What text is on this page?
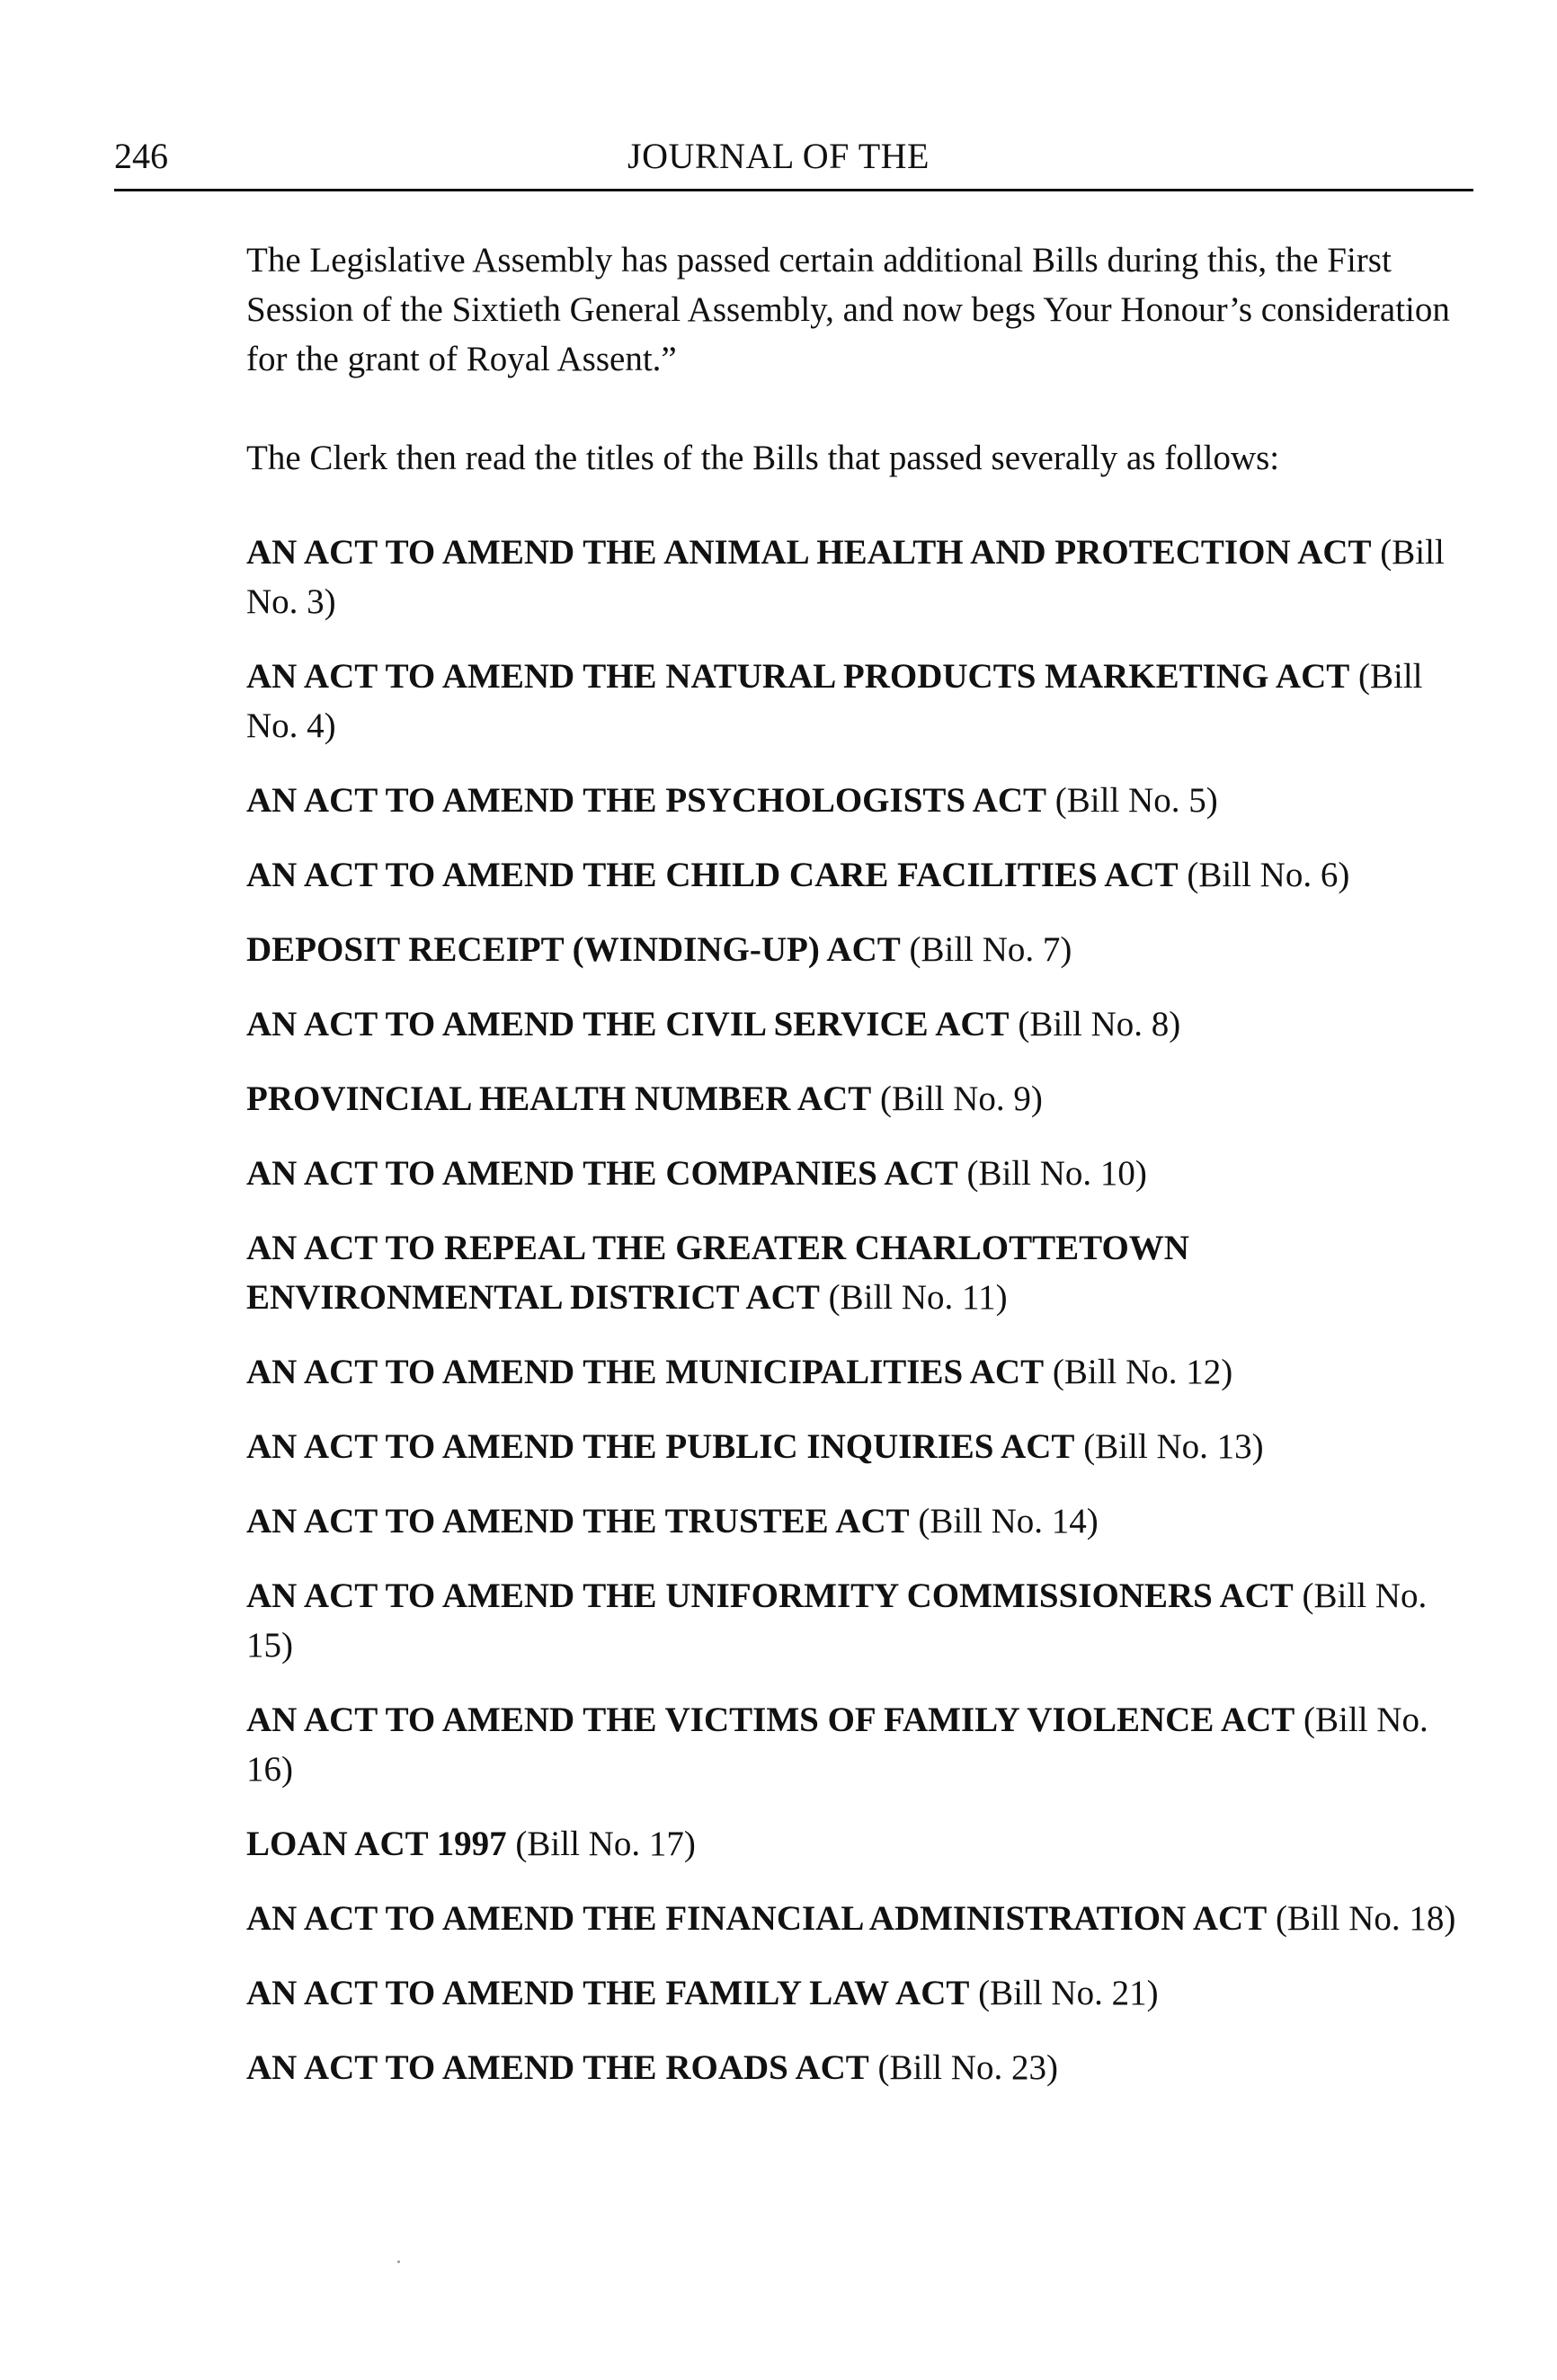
246	JOURNAL OF THE

The Legislative Assembly has passed certain additional Bills during this, the First Session of the Sixtieth General Assembly, and now begs Your Honour’s consideration for the grant of Royal Assent.”

The Clerk then read the titles of the Bills that passed severally as follows:

AN ACT TO AMEND THE ANIMAL HEALTH AND PROTECTION ACT (Bill No. 3)
AN ACT TO AMEND THE NATURAL PRODUCTS MARKETING ACT (Bill No. 4)
AN ACT TO AMEND THE PSYCHOLOGISTS ACT (Bill No. 5)
AN ACT TO AMEND THE CHILD CARE FACILITIES ACT (Bill No. 6)
DEPOSIT RECEIPT (WINDING-UP) ACT (Bill No. 7)
AN ACT TO AMEND THE CIVIL SERVICE ACT (Bill No. 8)
PROVINCIAL HEALTH NUMBER ACT (Bill No. 9)
AN ACT TO AMEND THE COMPANIES ACT (Bill No. 10)
AN ACT TO REPEAL THE GREATER CHARLOTTETOWN ENVIRONMENTAL DISTRICT ACT (Bill No. 11)
AN ACT TO AMEND THE MUNICIPALITIES ACT (Bill No. 12)
AN ACT TO AMEND THE PUBLIC INQUIRIES ACT (Bill No. 13)
AN ACT TO AMEND THE TRUSTEE ACT (Bill No. 14)
AN ACT TO AMEND THE UNIFORMITY COMMISSIONERS ACT (Bill No. 15)
AN ACT TO AMEND THE VICTIMS OF FAMILY VIOLENCE ACT (Bill No. 16)
LOAN ACT 1997 (Bill No. 17)
AN ACT TO AMEND THE FINANCIAL ADMINISTRATION ACT (Bill No. 18)
AN ACT TO AMEND THE FAMILY LAW ACT (Bill No. 21)
AN ACT TO AMEND THE ROADS ACT (Bill No. 23)
